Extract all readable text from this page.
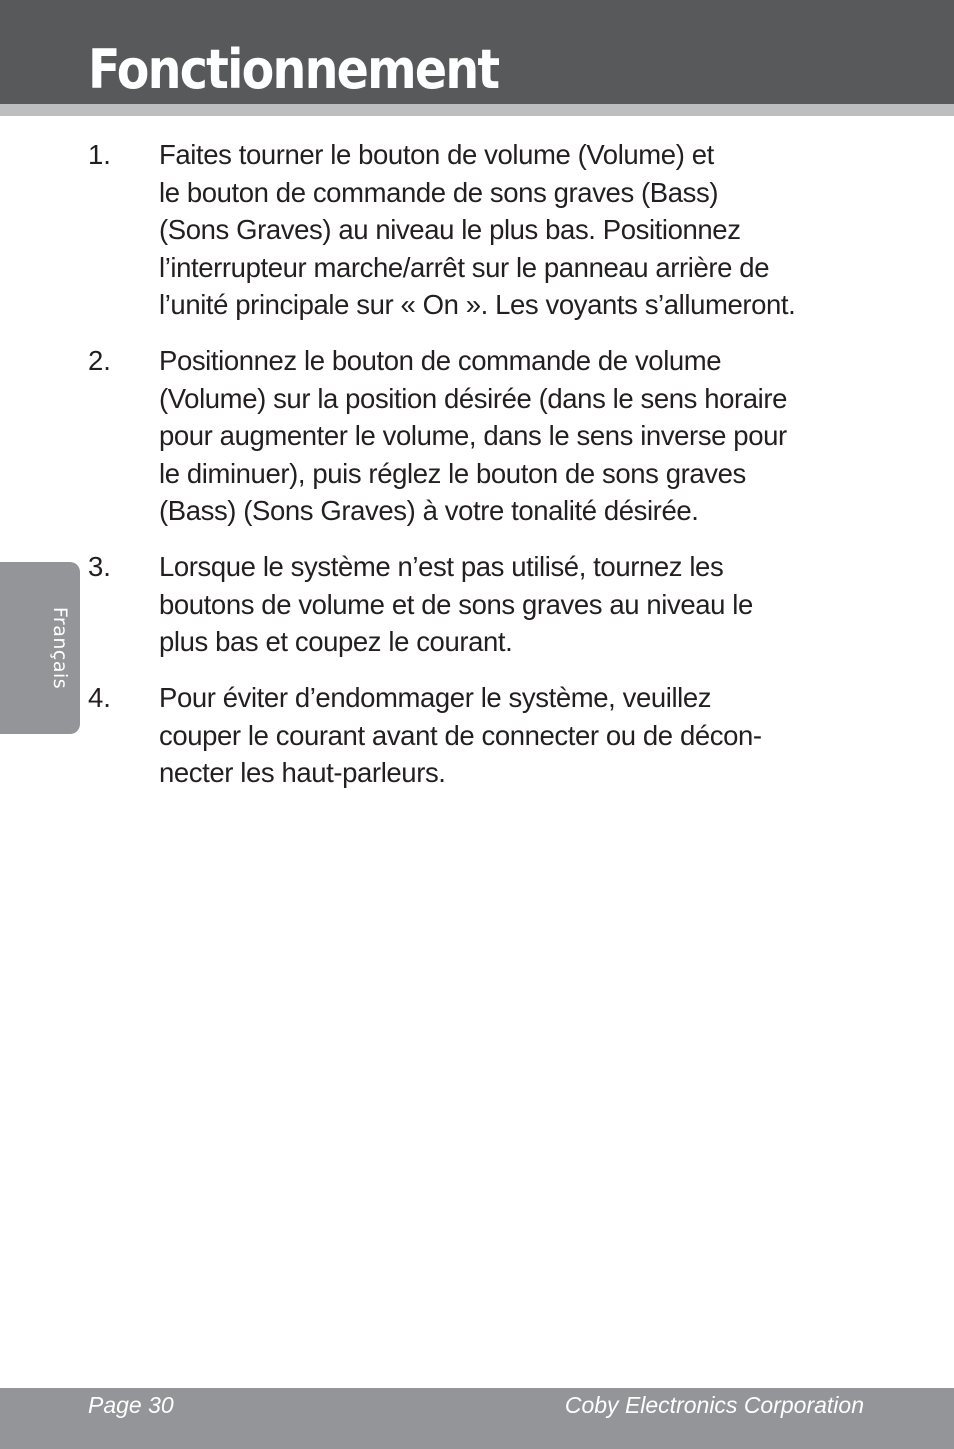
Fonctionnement
Français
1. Faites tourner le bouton de volume (Volume) et
le bouton de commande de sons graves (Bass)
(Sons Graves) au niveau le plus bas. Positionnez
l’interrupteur marche/arrêt sur le panneau arrière de
l’unité principale sur « On ». Les voyants s’allumeront.
2. Positionnez le bouton de commande de volume
(Volume) sur la position désirée (dans le sens horaire
pour augmenter le volume, dans le sens inverse pour
le diminuer), puis réglez le bouton de sons graves
(Bass) (Sons Graves) à votre tonalité désirée.
3. Lorsque le système n’est pas utilisé, tournez les
boutons de volume et de sons graves au niveau le
plus bas et coupez le courant.
4. Pour éviter d’endommager le système, veuillez
couper le courant avant de connecter ou de décon-
necter les haut-parleurs.
Page 30	Coby Electronics Corporation
